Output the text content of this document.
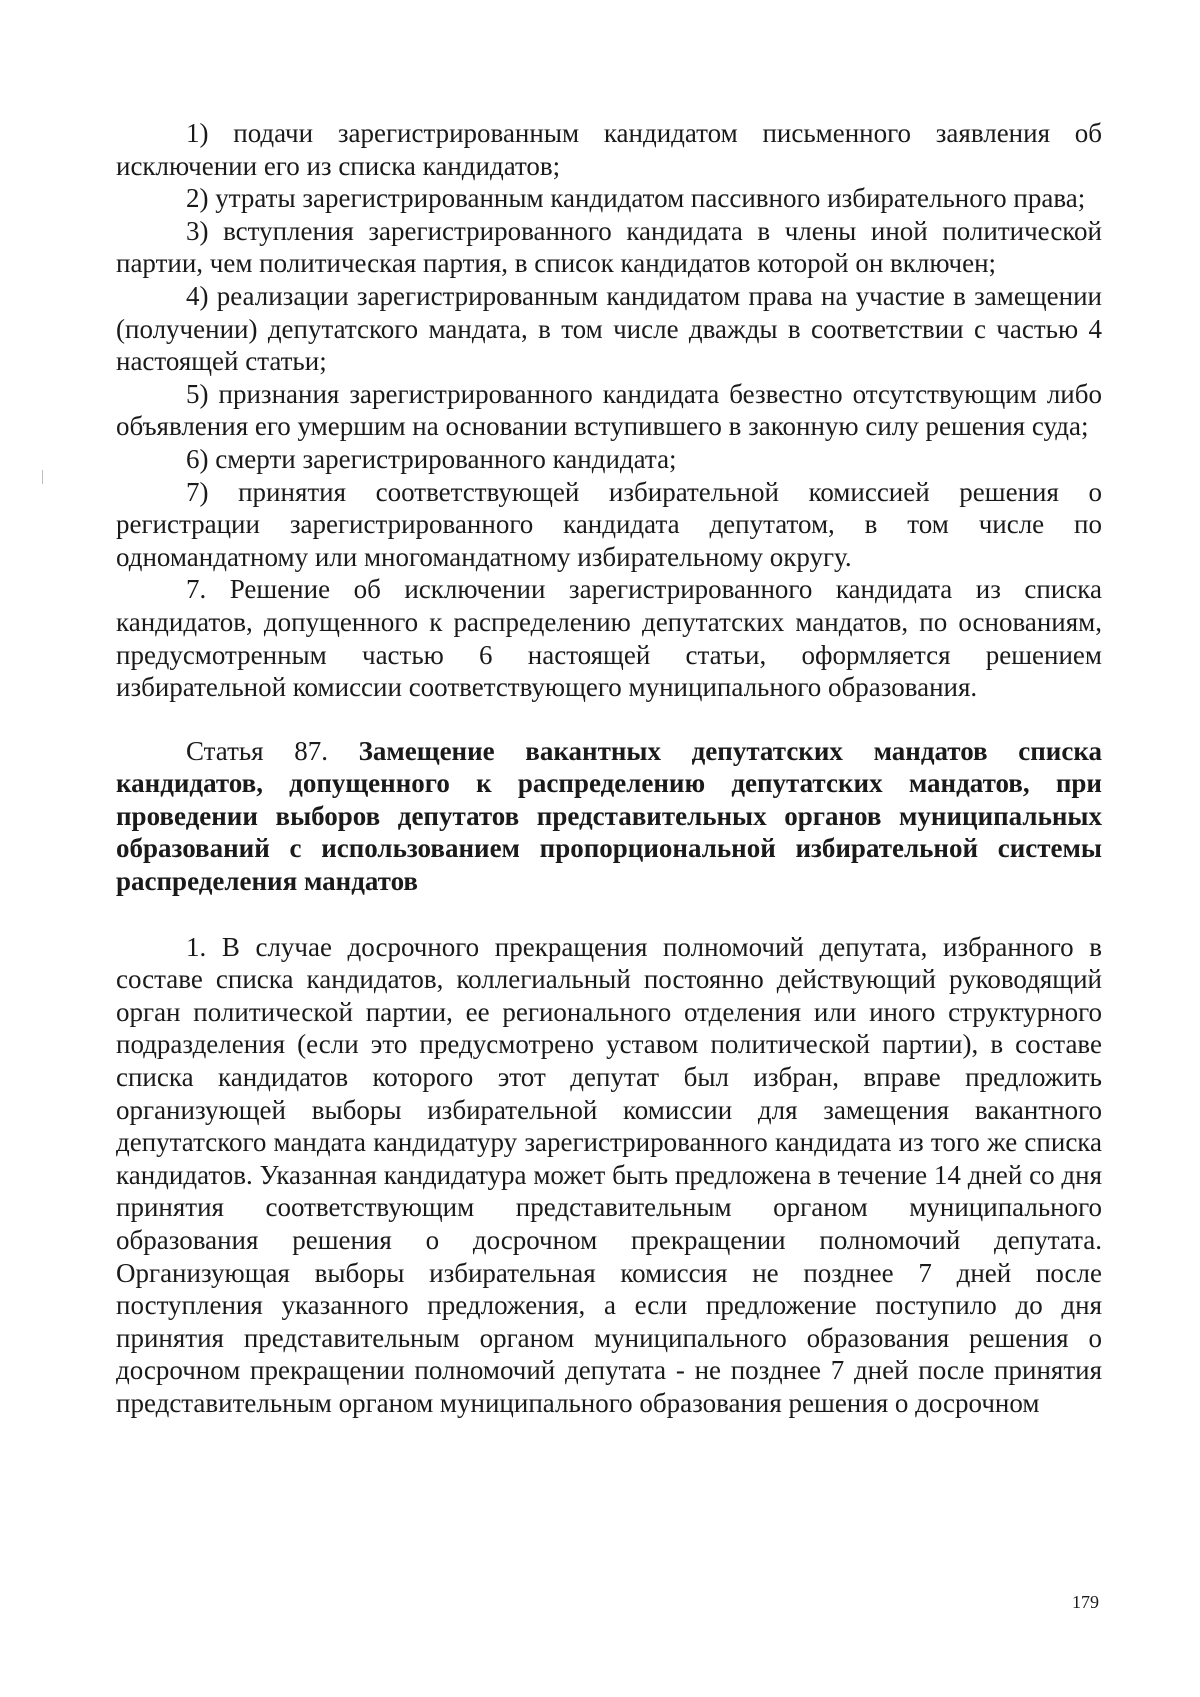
1) подачи зарегистрированным кандидатом письменного заявления об исключении его из списка кандидатов;

2) утраты зарегистрированным кандидатом пассивного избирательного права;

3) вступления зарегистрированного кандидата в члены иной политической партии, чем политическая партия, в список кандидатов которой он включен;

4) реализации зарегистрированным кандидатом права на участие в замещении (получении) депутатского мандата, в том числе дважды в соответствии с частью 4 настоящей статьи;

5) признания зарегистрированного кандидата безвестно отсутствующим либо объявления его умершим на основании вступившего в законную силу решения суда;

6) смерти зарегистрированного кандидата;

7) принятия соответствующей избирательной комиссией решения о регистрации зарегистрированного кандидата депутатом, в том числе по одномандатному или многомандатному избирательному округу.

7. Решение об исключении зарегистрированного кандидата из списка кандидатов, допущенного к распределению депутатских мандатов, по основаниям, предусмотренным частью 6 настоящей статьи, оформляется решением избирательной комиссии соответствующего муниципального образования.

Статья 87. Замещение вакантных депутатских мандатов списка кандидатов, допущенного к распределению депутатских мандатов, при проведении выборов депутатов представительных органов муниципальных образований с использованием пропорциональной избирательной системы распределения мандатов

1. В случае досрочного прекращения полномочий депутата, избранного в составе списка кандидатов, коллегиальный постоянно действующий руководящий орган политической партии, ее регионального отделения или иного структурного подразделения (если это предусмотрено уставом политической партии), в составе списка кандидатов которого этот депутат был избран, вправе предложить организующей выборы избирательной комиссии для замещения вакантного депутатского мандата кандидатуру зарегистрированного кандидата из того же списка кандидатов. Указанная кандидатура может быть предложена в течение 14 дней со дня принятия соответствующим представительным органом муниципального образования решения о досрочном прекращении полномочий депутата. Организующая выборы избирательная комиссия не позднее 7 дней после поступления указанного предложения, а если предложение поступило до дня принятия представительным органом муниципального образования решения о досрочном прекращении полномочий депутата - не позднее 7 дней после принятия представительным органом муниципального образования решения о досрочном

179
